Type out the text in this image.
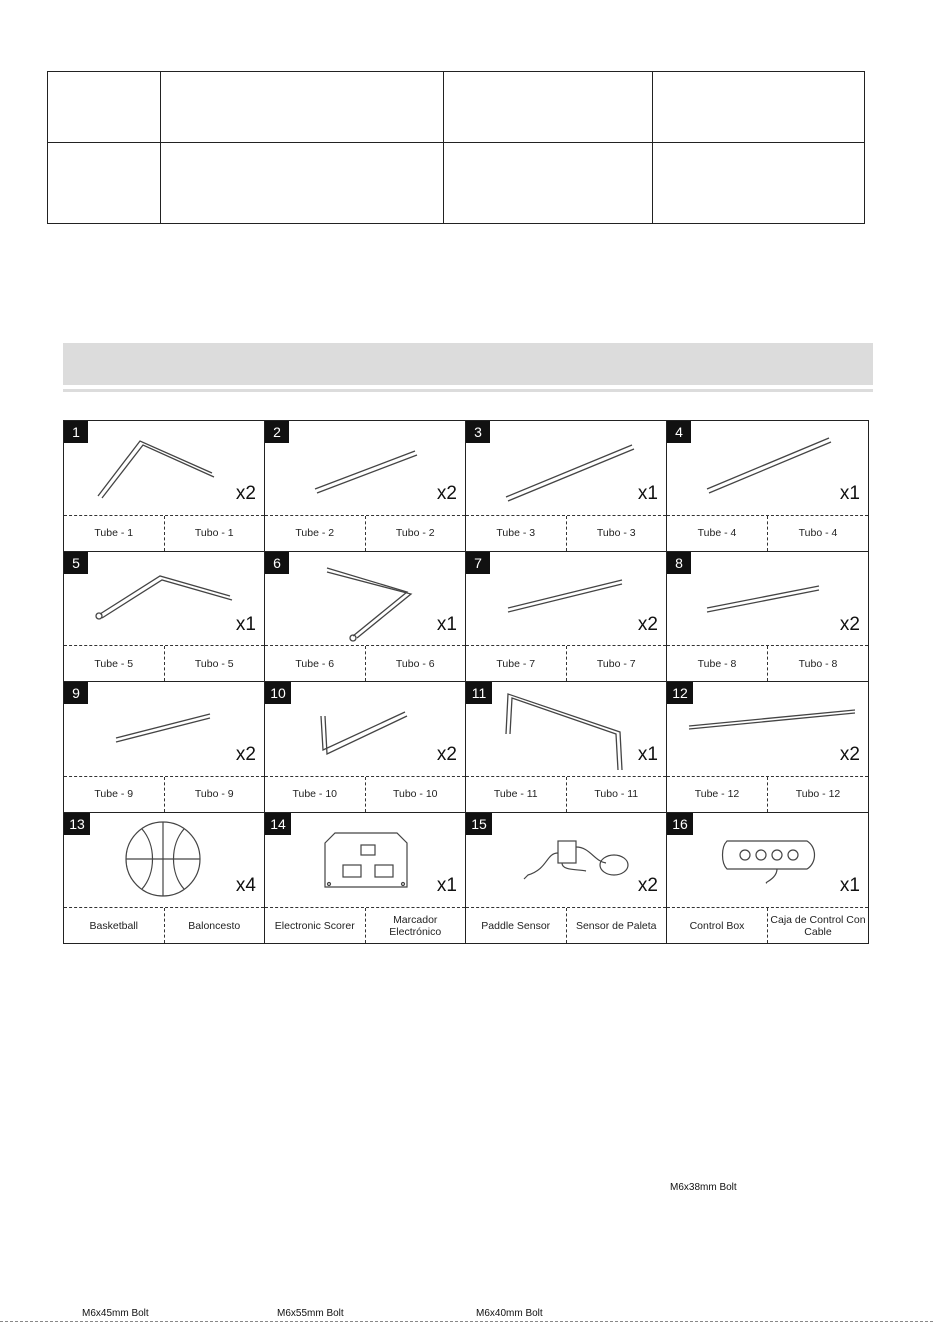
1
x2
Tube - 1	Tubo - 1
2
x2
Tube - 2	Tubo - 2
3
x1
Tube - 3	Tubo - 3
4
x1
Tube - 4	Tubo - 4
5
x1
Tube - 5	Tubo - 5
6
x1
Tube - 6	Tubo - 6
7
x2
Tube - 7	Tubo - 7
8
x2
Tube - 8	Tubo - 8
9
x2
Tube - 9	Tubo - 9
10
x2
Tube - 10	Tubo - 10
11
x1
Tube - 11	Tubo - 11
12
x2
Tube - 12	Tubo - 12
13
x4
Basketball	Baloncesto
14
x1
Electronic Scorer	Marcador Electrónico
15
x2
Paddle Sensor	Sensor de Paleta
16
x1
Control Box	Caja de Control Con Cable
M6x38mm Bolt
M6x45mm Bolt	M6x55mm Bolt	M6x40mm Bolt
